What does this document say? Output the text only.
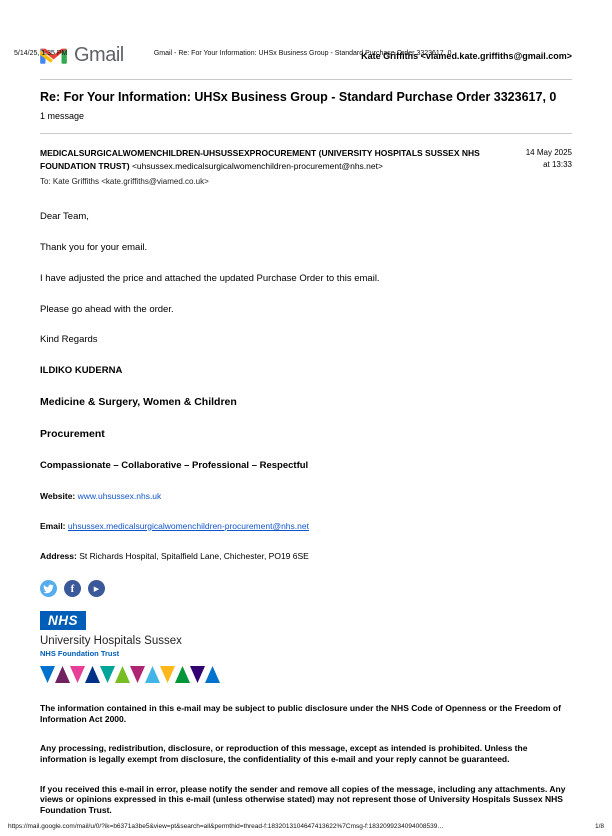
5/14/25, 1:35 PM	Gmail - Re: For Your Information: UHSx Business Group - Standard Purchase Order 3323617, 0
Gmail	Kate Griffiths <viamed.kate.griffiths@gmail.com>
Re: For Your Information: UHSx Business Group - Standard Purchase Order 3323617, 0
1 message
MEDICALSURGICALWOMENCHILDREN-UHSUSSEXPROCUREMENT (UNIVERSITY HOSPITALS SUSSEX NHS FOUNDATION TRUST) <uhsussex.medicalsurgicalwomenchildren-procurement@nhs.net>
To: Kate Griffiths <kate.griffiths@viamed.co.uk>
14 May 2025 at 13:33

Dear Team,

Thank you for your email.

I have adjusted the price and attached the updated Purchase Order to this email.

Please go ahead with the order.

Kind Regards

ILDIKO KUDERNA

Medicine & Surgery, Women & Children

Procurement

Compassionate – Collaborative – Professional – Respectful

Website: www.uhsussex.nhs.uk

Email: uhsussex.medicalsurgicalwomenchildren-procurement@nhs.net

Address: St Richards Hospital, Spitalfield Lane, Chichester, PO19 6SE

f	▶
NHS
University Hospitals Sussex
NHS Foundation Trust

The information contained in this e-mail may be subject to public disclosure under the NHS Code of Openness or the Freedom of Information Act 2000.

Any processing, redistribution, disclosure, or reproduction of this message, except as intended is prohibited. Unless the information is legally exempt from disclosure, the confidentiality of this e-mail and your reply cannot be guaranteed.

If you received this e-mail in error, please notify the sender and remove all copies of the message, including any attachments. Any views or opinions expressed in this e-mail (unless otherwise stated) may not represent those of University Hospitals Sussex NHS Foundation Trust.

https://mail.google.com/mail/u/0/?ik=b6371a3be5&view=pt&search=all&permthid=thread-f:1832013104647413622%7Cmsg-f:1832099234094008539…	1/8
